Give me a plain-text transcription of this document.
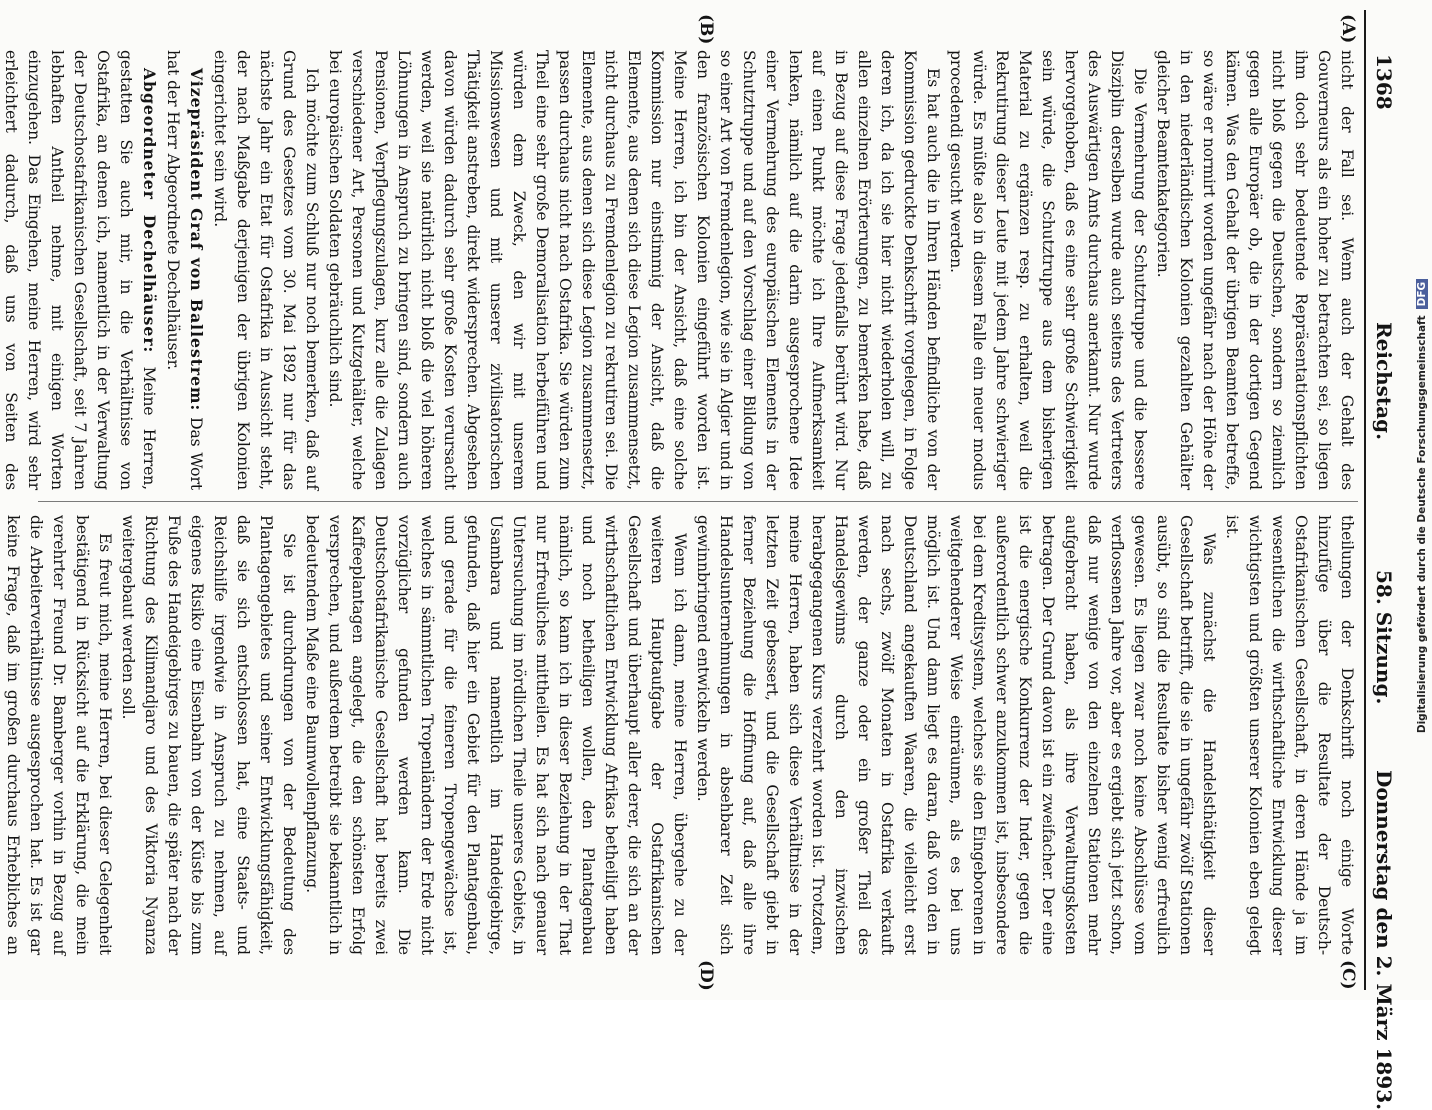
1368
Reichstag.
58. Sitzung.
Donnerstag den 2. März 1893.
(A)
(B)
(C)
(D)

nicht der Fall sei. Wenn auch der Gehalt des Gouverneurs als ein hoher zu betrachten sei, so liegen ihm doch sehr bedeutende Repräsentationspflichten nicht bloß gegen die Deutschen, sondern so ziemlich gegen alle Europäer ob, die in der dortigen Gegend kämen. Was den Gehalt der übrigen Beamten betreffe, so wäre er normirt worden ungefähr nach der Höhe der in den niederländischen Kolonien gezahlten Gehälter gleicher Beamtenkategorien.

Die Vermehrung der Schutztruppe und die bessere Disziplin derselben wurde auch seitens des Vertreters des Auswärtigen Amts durchaus anerkannt. Nur wurde hervorgehoben, daß es eine sehr große Schwierigkeit sein würde, die Schutztruppe aus dem bisherigen Material zu ergänzen resp. zu erhalten, weil die Rekrutirung dieser Leute mit jedem Jahre schwieriger würde. Es müßte also in diesem Falle ein neuer modus procedendi gesucht werden.

Es hat auch die in Ihren Händen befindliche von der Kommission gedruckte Denkschrift vorgelegen, in Folge deren ich, da ich sie hier nicht wiederholen will, zu allen einzelnen Erörterungen, zu bemerken habe, daß in Bezug auf diese Frage jedenfalls berührt wird. Nur auf einen Punkt möchte ich Ihre Aufmerksamkeit lenken, nämlich auf die darin ausgesprochene Idee einer Vermehrung des europäischen Elements in der Schutztruppe und auf den Vorschlag einer Bildung von so einer Art von Fremdenlegion, wie sie in Algier und in den französischen Kolonien eingeführt worden ist. Meine Herren, ich bin der Ansicht, daß eine solche Kommission nur einstimmig der Ansicht, daß die Elemente, aus denen sich diese Legion zusammensetzt, nicht durchaus zu Fremdenlegion zu rekrutiren sei. Die Elemente, aus denen sich diese Legion zusammensetzt, passen durchaus nicht nach Ostafrika. Sie würden zum Theil eine sehr große Demoralisation herbeiführen und würden dem Zweck, den wir mit unserem Missionswesen und mit unserer zivilisatorischen Thätigkeit anstreben, direkt widersprechen. Abgesehen davon würden dadurch sehr große Kosten verursacht werden, weil sie natürlich nicht bloß die viel höheren Löhnungen in Anspruch zu bringen sind, sondern auch Pensionen, Verpflegungszulagen, kurz alle die Zulagen verschiedener Art, Personen und Kutzgehälter, welche bei europäischen Soldaten gebräuchlich sind.

Ich möchte zum Schluß nur noch bemerken, daß auf Grund des Gesetzes vom 30. Mai 1892 nur für das nächste Jahr ein Etat für Ostafrika in Aussicht steht, der nach Maßgabe derjenigen der übrigen Kolonien eingerichtet sein wird.

Vizepräsident Graf von Ballestrem: Das Wort hat der Herr Abgeordnete Dechelhäuser.

Abgeordneter Dechelhäuser: Meine Herren, gestatten Sie auch mir, in die Verhältnisse von Ostafrika, an denen ich, namentlich in der Verwaltung der Deutschostafrikanischen Gesellschaft, seit 7 Jahren lebhaften Antheil nehme, mit einigen Worten einzugehen. Das Eingehen, meine Herren, wird sehr erleichtert dadurch, daß uns von Seiten des

theilungen der Denkschrift noch einige Worte hinzufüge über die Resultate der Deutsch-Ostafrikanischen Gesellschaft, in deren Hände ja im wesentlichen die wirthschaftliche Entwicklung dieser wichtigsten und größten unserer Kolonien eben gelegt ist.

Was zunächst die Handelsthätigkeit dieser Gesellschaft betrifft, die sie in ungefähr zwölf Stationen ausübt, so sind die Resultate bisher wenig erfreulich gewesen. Es liegen zwar noch keine Abschlüsse vom verflossenen Jahre vor, aber es ergiebt sich jetzt schon, daß nur wenige von den einzelnen Stationen mehr aufgebracht haben, als ihre Verwaltungskosten betragen. Der Grund davon ist ein zweifacher. Der eine ist die energische Konkurrenz der Inder, gegen die außerordentlich schwer anzukommen ist, insbesondere bei dem Kreditsystem, welches sie den Eingeborenen in weitgehenderer Weise einräumen, als es bei uns möglich ist. Und dann liegt es daran, daß von den in Deutschland angekauften Waaren, die vielleicht erst nach sechs, zwölf Monaten in Ostafrika verkauft werden, der ganze oder ein großer Theil des Handelsgewinns durch den inzwischen herabgegangenen Kurs verzehrt worden ist. Trotzdem, meine Herren, haben sich diese Verhältnisse in der letzten Zeit gebessert, und die Gesellschaft giebt in ferner Beziehung die Hoffnung auf, daß alle ihre Handelsunternehmungen in absehbarer Zeit sich gewinnbringend entwickeln werden.

Wenn ich dann, meine Herren, übergehe zu der weiteren Hauptaufgabe der Ostafrikanischen Gesellschaft und überhaupt aller derer, die sich an der wirthschaftlichen Entwicklung Afrikas betheiligt haben und noch betheiligen wollen, den Plantagenbau nämlich, so kann ich in dieser Beziehung in der That nur Erfreuliches mittheilen. Es hat sich nach genauer Untersuchung im nördlichen Theile unseres Gebiets, in Usambara und namentlich im Handeigebirge, gefunden, daß hier ein Gebiet für den Plantagenbau, und gerade für die feineren Tropengewächse ist, welches in sämmtlichen Tropenländern der Erde nicht vorzüglicher gefunden werden kann. Die Deutschostafrikanische Gesellschaft hat bereits zwei Kaffeeplantagen angelegt, die den schönsten Erfolg versprechen, und außerdem betreibt sie bekanntlich in bedeutendem Maße eine Baumwollenpflanzung.

Sie ist durchdrungen von der Bedeutung des Plantagengebietes und seiner Entwicklungsfähigkeit, daß sie sich entschlossen hat, eine Staats- und Reichshilfe irgendwie in Anspruch zu nehmen, auf eigenes Risiko eine Eisenbahn von der Küste bis zum Fuße des Handeigebirges zu bauen, die später nach der Richtung des Kilimandjaro und des Viktoria Nyanza weitergebaut werden soll.

Es freut mich, meine Herren, bei dieser Gelegenheit bestätigend in Rücksicht auf die Erklärung, die mein verehrter Freund Dr. Bamberger vorhin in Bezug auf die Arbeiterverhältnisse ausgesprochen hat. Es ist gar keine Frage, daß im großen durchaus Erhebliches an

Digitalisierung gefördert durch die Deutsche ForschungsgemeinschaftDFG
